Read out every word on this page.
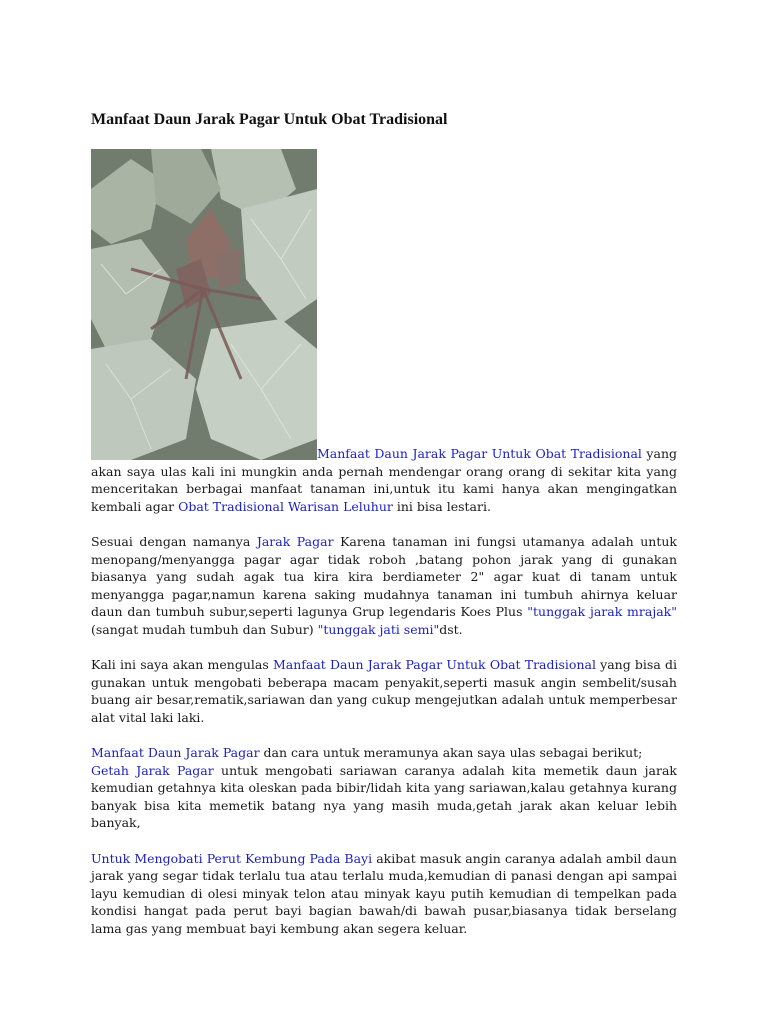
Manfaat Daun Jarak Pagar Untuk Obat Tradisional

Manfaat Daun Jarak Pagar Untuk Obat Tradisional yang akan saya ulas kali ini mungkin anda pernah mendengar orang orang di sekitar kita yang menceritakan berbagai manfaat tanaman ini,untuk itu kami hanya akan mengingatkan kembali agar Obat Tradisional Warisan Leluhur ini bisa lestari.

Sesuai dengan namanya Jarak Pagar Karena tanaman ini fungsi utamanya adalah untuk menopang/menyangga pagar agar tidak roboh ,batang pohon jarak yang di gunakan biasanya yang sudah agak tua kira kira berdiameter 2" agar kuat di tanam untuk menyangga pagar,namun karena saking mudahnya tanaman ini tumbuh ahirnya keluar daun dan tumbuh subur,seperti lagunya Grup legendaris Koes Plus "tunggak jarak mrajak"(sangat mudah tumbuh dan Subur) "tunggak jati semi"dst.

Kali ini saya akan mengulas Manfaat Daun Jarak Pagar Untuk Obat Tradisional yang bisa di gunakan untuk mengobati beberapa macam penyakit,seperti masuk angin sembelit/susah buang air besar,rematik,sariawan dan yang cukup mengejutkan adalah untuk memperbesar alat vital laki laki.

Manfaat Daun Jarak Pagar dan cara untuk meramunya akan saya ulas sebagai berikut;
Getah Jarak Pagar untuk mengobati sariawan caranya adalah kita memetik daun jarak kemudian getahnya kita oleskan pada bibir/lidah kita yang sariawan,kalau getahnya kurang banyak bisa kita memetik batang nya yang masih muda,getah jarak akan keluar lebih banyak,

Untuk Mengobati Perut Kembung Pada Bayi akibat masuk angin caranya adalah ambil daun jarak yang segar tidak terlalu tua atau terlalu muda,kemudian di panasi dengan api sampai layu kemudian di olesi minyak telon atau minyak kayu putih kemudian di tempelkan pada kondisi hangat pada perut bayi bagian bawah/di bawah pusar,biasanya tidak berselang lama gas yang membuat bayi kembung akan segera keluar.
